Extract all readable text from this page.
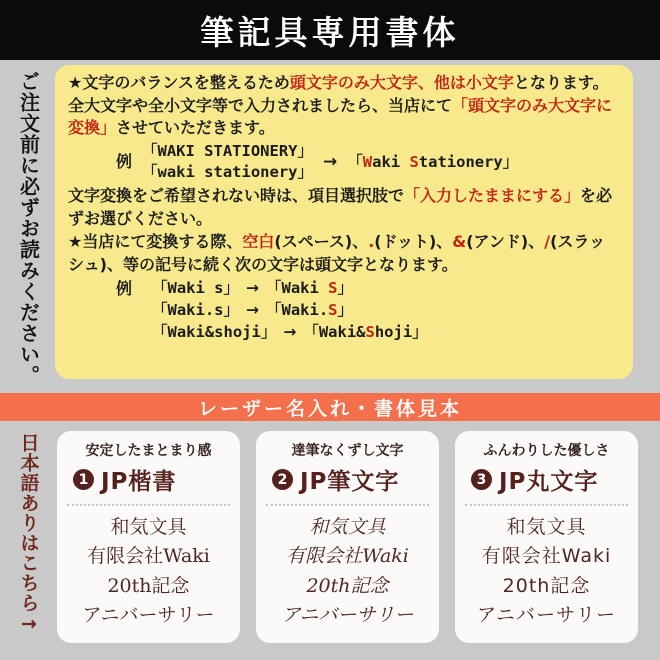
筆記具専用書体
ご注文前に必ずお読みください。 ★文字のバランスを整えるため頭文字のみ大文字、他は小文字となります。全大文字や全小文字等で入力されましたら、当店にて「頭文字のみ大文字に変換」させていただきます。

例
「WAKI STATIONERY」
「waki stationery」
→ 「Waki Stationery」

文字変換をご希望されない時は、項目選択肢で「入力したままにする」を必ずお選びください。

★当店にて変換する際、空白(スペース)、.(ドット)、&(アンド)、/(スラッシュ)、等の記号に続く次の文字は頭文字となります。

例	「Waki s」 → 「Waki S」
「Waki.s」 → 「Waki.S」
「Waki&shoji」 → 「Waki&Shoji」
レーザー名入れ・書体見本
日本語ありはこちら
→

安定したまとまり感

1 JP楷書

和気文具

有限会社Waki

20th記念

アニバーサリー

達筆なくずし文字

2 JP筆文字

和気文具

有限会社Waki

20th記念

アニバーサリー

ふんわりした優しさ

3 JP丸文字

和気文具

有限会社Waki

20th記念

アニバーサリー
